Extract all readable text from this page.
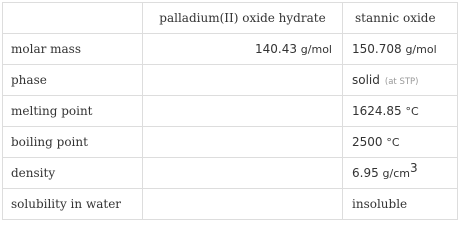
	palladium(II) oxide hydrate	stannic oxide
molar mass	140.43 g/mol	150.708 g/mol
phase		solid (at STP)
melting point		1624.85 °C
boiling point		2500 °C
density		6.95 $g/cm^3$
solubility in water		insoluble
